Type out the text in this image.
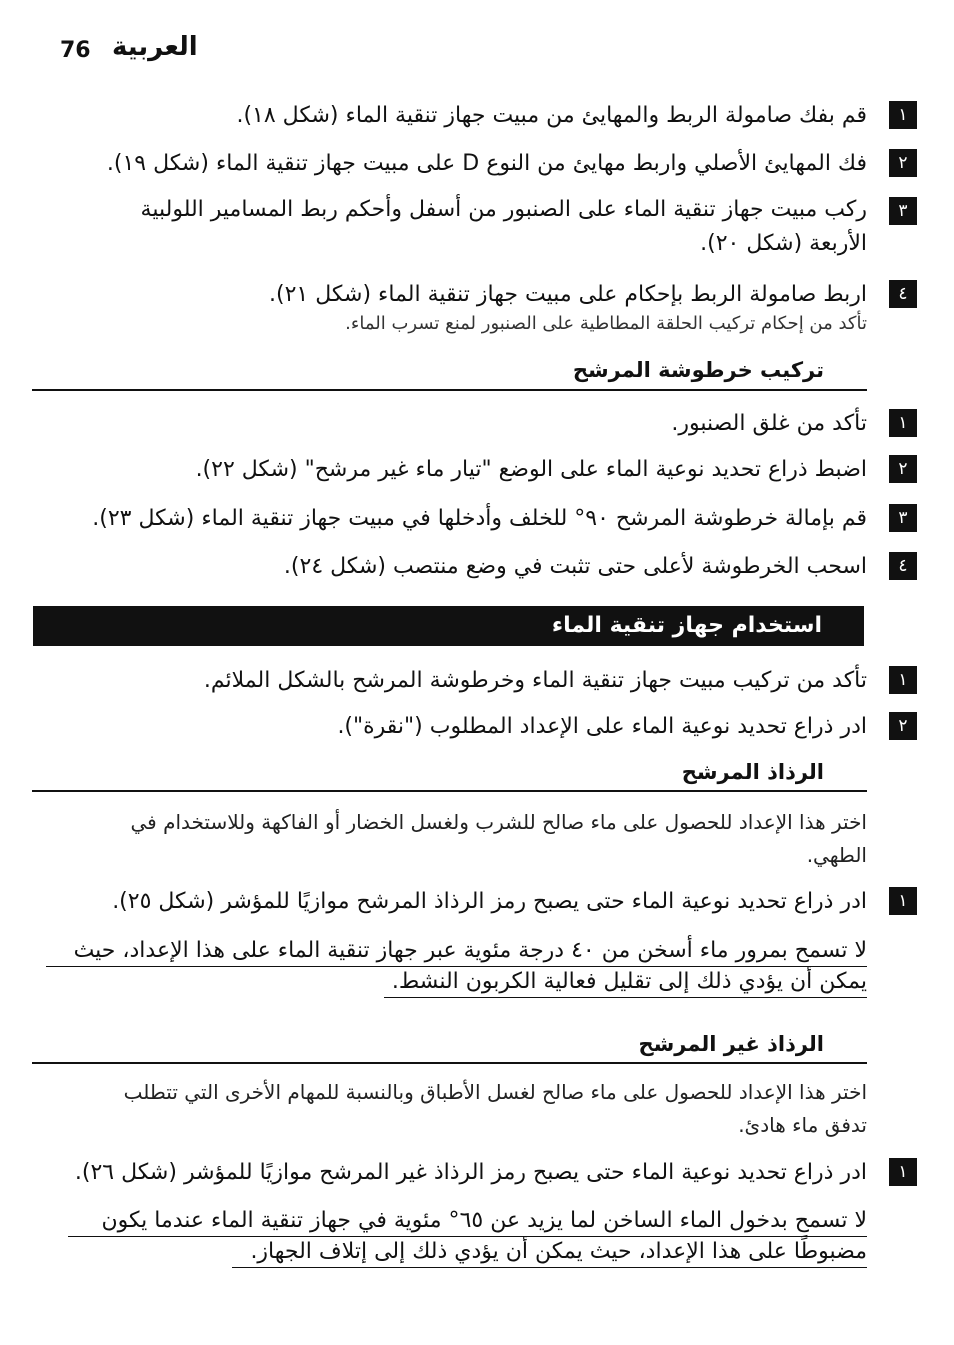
76 العربية
١
قم بفك صامولة الربط والمهايئ من مبيت جهاز تنقية الماء (شكل ١٨).
٢
فك المهايئ الأصلي واربط مهايئ من النوع D على مبيت جهاز تنقية الماء (شكل ١٩).
٣
ركب مبيت جهاز تنقية الماء على الصنبور من أسفل وأحكم ربط المسامير اللولبية
الأربعة (شكل ٢٠).
٤
اربط صامولة الربط بإحكام على مبيت جهاز تنقية الماء (شكل ٢١).
تأكد من إحكام تركيب الحلقة المطاطية على الصنبور لمنع تسرب الماء.
تركيب خرطوشة المرشح
١
تأكد من غلق الصنبور.
٢
اضبط ذراع تحديد نوعية الماء على الوضع "تيار ماء غير مرشح" (شكل ٢٢).
٣
قم بإمالة خرطوشة المرشح ٩٠° للخلف وأدخلها في مبيت جهاز تنقية الماء (شكل ٢٣).
٤
اسحب الخرطوشة لأعلى حتى تثبت في وضع منتصب (شكل ٢٤).
استخدام جهاز تنقية الماء
١
تأكد من تركيب مبيت جهاز تنقية الماء وخرطوشة المرشح بالشكل الملائم.
٢
ادر ذراع تحديد نوعية الماء على الإعداد المطلوب ("نقرة").
الرذاذ المرشح
اختر هذا الإعداد للحصول على ماء صالح للشرب ولغسل الخضار أو الفاكهة وللاستخدام في
الطهي.
١
ادر ذراع تحديد نوعية الماء حتى يصبح رمز الرذاذ المرشح موازيًا للمؤشر (شكل ٢٥).
لا تسمح بمرور ماء أسخن من ٤٠ درجة مئوية عبر جهاز تنقية الماء على هذا الإعداد، حيث
يمكن أن يؤدي ذلك إلى تقليل فعالية الكربون النشط.
الرذاذ غير المرشح
اختر هذا الإعداد للحصول على ماء صالح لغسل الأطباق وبالنسبة للمهام الأخرى التي تتطلب
تدفق ماء هادئ.
١
ادر ذراع تحديد نوعية الماء حتى يصبح رمز الرذاذ غير المرشح موازيًا للمؤشر (شكل ٢٦).
لا تسمح بدخول الماء الساخن لما يزيد عن ٦٥° مئوية في جهاز تنقية الماء عندما يكون
مضبوطًا على هذا الإعداد، حيث يمكن أن يؤدي ذلك إلى إتلاف الجهاز.
